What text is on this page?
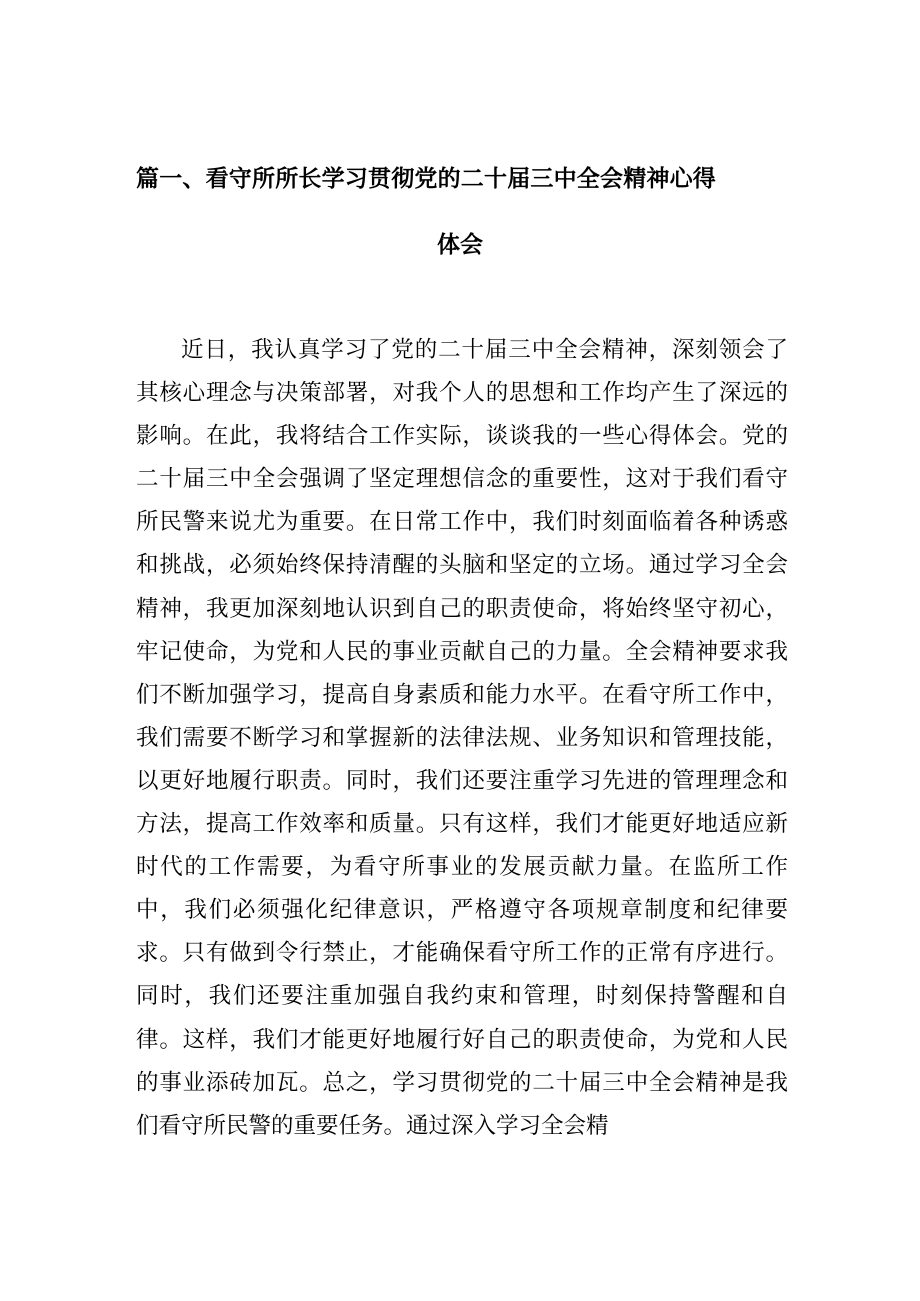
篇一、看守所所长学习贯彻党的二十届三中全会精神心得
体会

近日，我认真学习了党的二十届三中全会精神，深刻领会了其核心理念与决策部署，对我个人的思想和工作均产生了深远的影响。在此，我将结合工作实际，谈谈我的一些心得体会。党的二十届三中全会强调了坚定理想信念的重要性，这对于我们看守所民警来说尤为重要。在日常工作中，我们时刻面临着各种诱惑和挑战，必须始终保持清醒的头脑和坚定的立场。通过学习全会精神，我更加深刻地认识到自己的职责使命，将始终坚守初心，牢记使命，为党和人民的事业贡献自己的力量。全会精神要求我们不断加强学习，提高自身素质和能力水平。在看守所工作中，我们需要不断学习和掌握新的法律法规、业务知识和管理技能，以更好地履行职责。同时，我们还要注重学习先进的管理理念和方法，提高工作效率和质量。只有这样，我们才能更好地适应新时代的工作需要，为看守所事业的发展贡献力量。在监所工作中，我们必须强化纪律意识，严格遵守各项规章制度和纪律要求。只有做到令行禁止，才能确保看守所工作的正常有序进行。同时，我们还要注重加强自我约束和管理，时刻保持警醒和自律。这样，我们才能更好地履行好自己的职责使命，为党和人民的事业添砖加瓦。总之，学习贯彻党的二十届三中全会精神是我们看守所民警的重要任务。通过深入学习全会精
